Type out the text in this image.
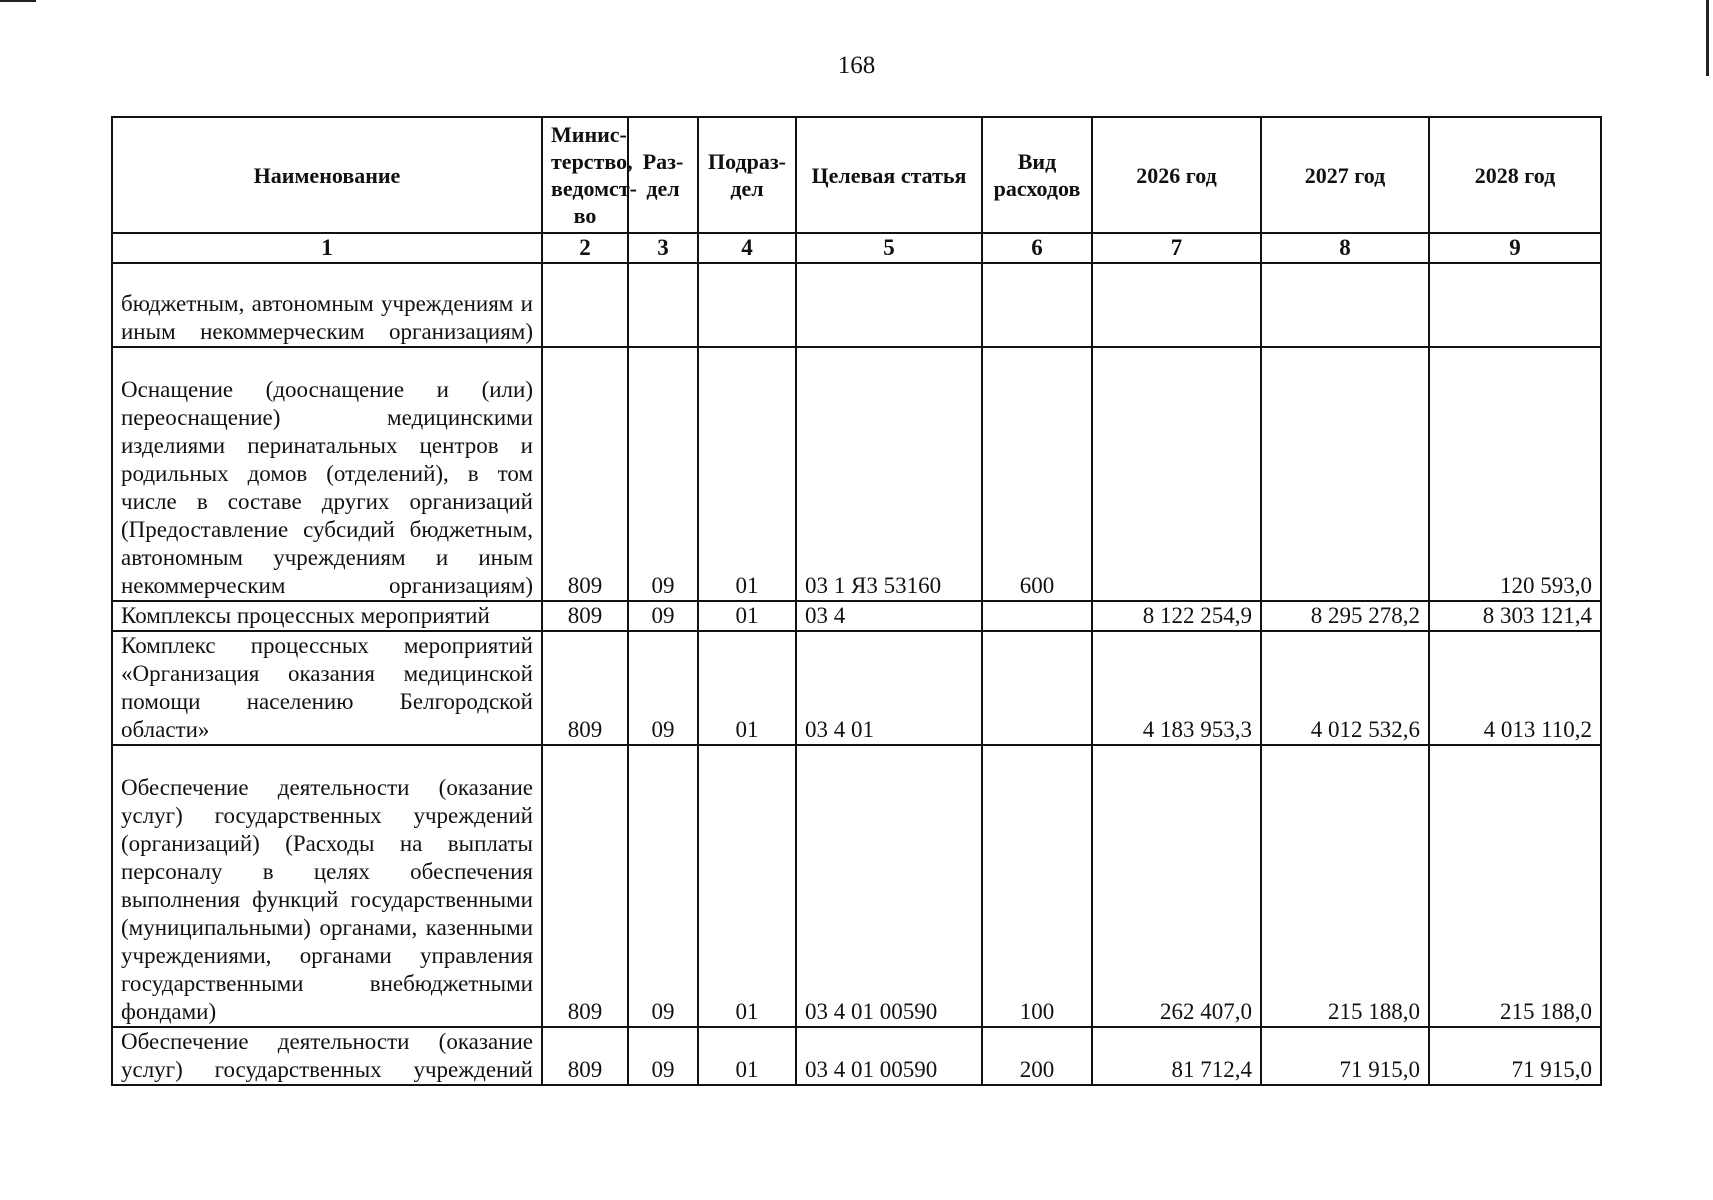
168
Наименование	Минис-терство, ведомст-во	Раз-дел	Подраз-дел	Целевая статья	Вид расходов	2026 год	2027 год	2028 год
1	2	3	4	5	6	7	8	9
бюджетным, автономным учреждениям и иным некоммерческим организациям)								
Оснащение (дооснащение и (или) переоснащение) медицинскими изделиями перинатальных центров и родильных домов (отделений), в том числе в составе других организаций (Предоставление субсидий бюджетным, автономным учреждениям и иным некоммерческим организациям)	809	09	01	03 1 Я3 53160	600			120 593,0
Комплексы процессных мероприятий	809	09	01	03 4		8 122 254,9	8 295 278,2	8 303 121,4
Комплекс процессных мероприятий «Организация оказания медицинской помощи населению Белгородской области»	809	09	01	03 4 01		4 183 953,3	4 012 532,6	4 013 110,2
Обеспечение деятельности (оказание услуг) государственных учреждений (организаций) (Расходы на выплаты персоналу в целях обеспечения выполнения функций государственными (муниципальными) органами, казенными учреждениями, органами управления государственными внебюджетными фондами)	809	09	01	03 4 01 00590	100	262 407,0	215 188,0	215 188,0
Обеспечение деятельности (оказание услуг) государственных учреждений	809	09	01	03 4 01 00590	200	81 712,4	71 915,0	71 915,0
